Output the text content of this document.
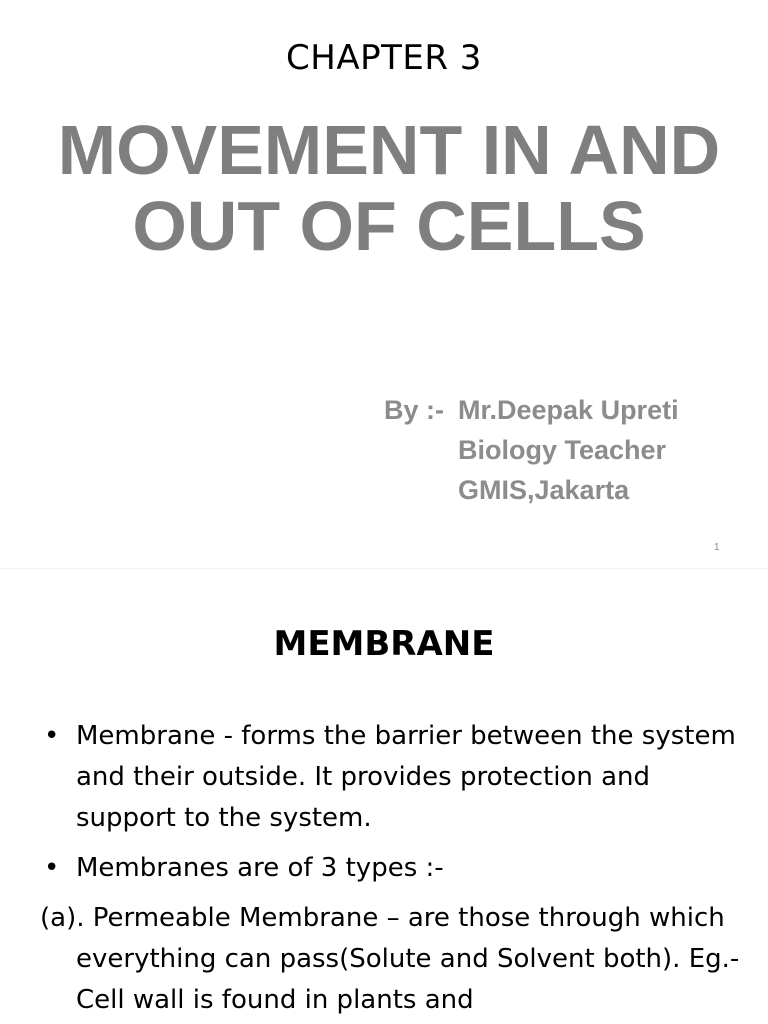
CHAPTER 3
MOVEMENT IN AND
OUT OF CELLS
By :- Mr.Deepak Upreti
Biology Teacher
GMIS,Jakarta
1
MEMBRANE
• Membrane - forms the barrier between the system and their outside. It provides protection and support to the system.
• Membranes are of 3 types :-
(a). Permeable Membrane – are those through which everything can pass(Solute and Solvent both). Eg.- Cell wall is found in plants and
